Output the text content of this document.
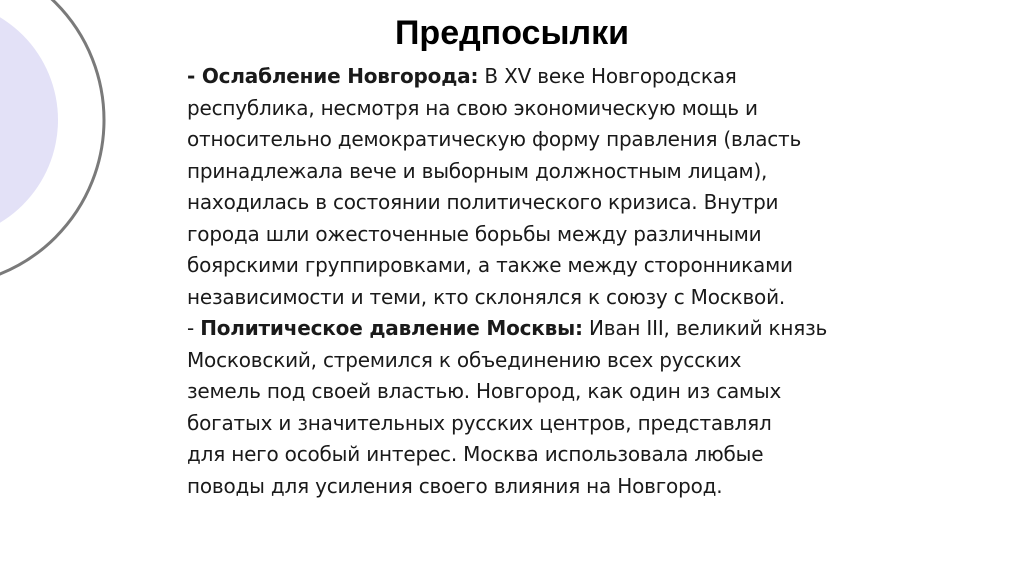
Предпосылки
- Ослабление Новгорода: В XV веке Новгородская
республика, несмотря на свою экономическую мощь и
относительно демократическую форму правления (власть
принадлежала вече и выборным должностным лицам),
находилась в состоянии политического кризиса. Внутри
города шли ожесточенные борьбы между различными
боярскими группировками, а также между сторонниками
независимости и теми, кто склонялся к союзу с Москвой.
- Политическое давление Москвы: Иван III, великий князь
Московский, стремился к объединению всех русских
земель под своей властью. Новгород, как один из самых
богатых и значительных русских центров, представлял
для него особый интерес. Москва использовала любые
поводы для усиления своего влияния на Новгород.
